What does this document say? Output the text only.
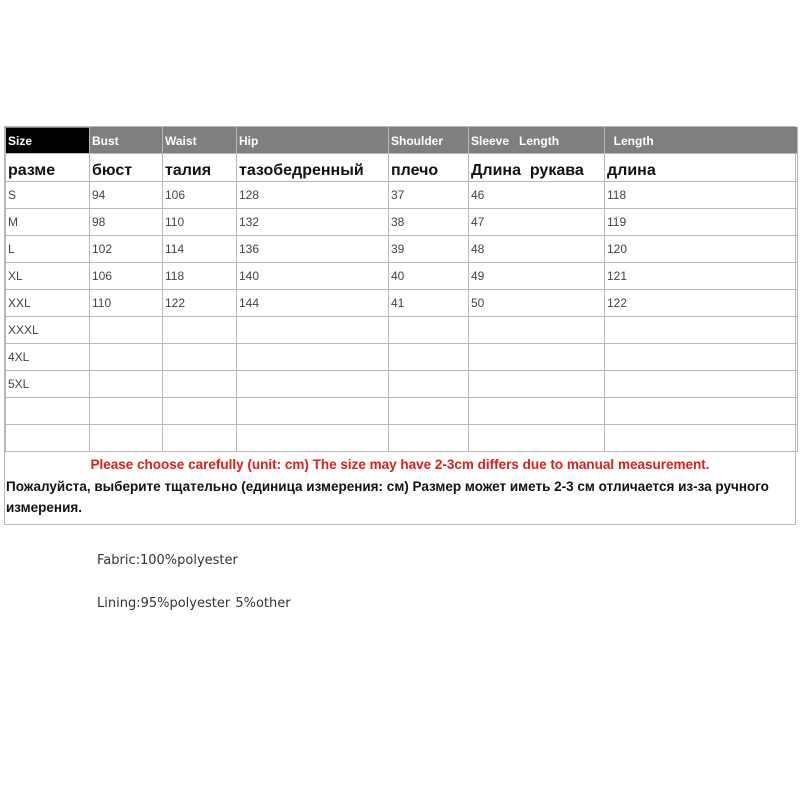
Size	Bust	Waist	Hip	Shoulder	Sleeve   Length	Length
разме	бюст	талия	тазобедренный	плечо	Длина  рукава	длина
S	94	106	128	37	46	118
M	98	110	132	38	47	119
L	102	114	136	39	48	120
XL	106	118	140	40	49	121
XXL	110	122	144	41	50	122
XXXL						
4XL						
5XL						

Please choose carefully (unit: cm) The size may have 2-3cm differs due to manual measurement.

Пожалуйста, выберите тщательно (единица измерения: см) Размер может иметь 2-3 см отличается из-за ручного измерения.

Fabric:100%polyester
Lining:95%polyester 5%other
